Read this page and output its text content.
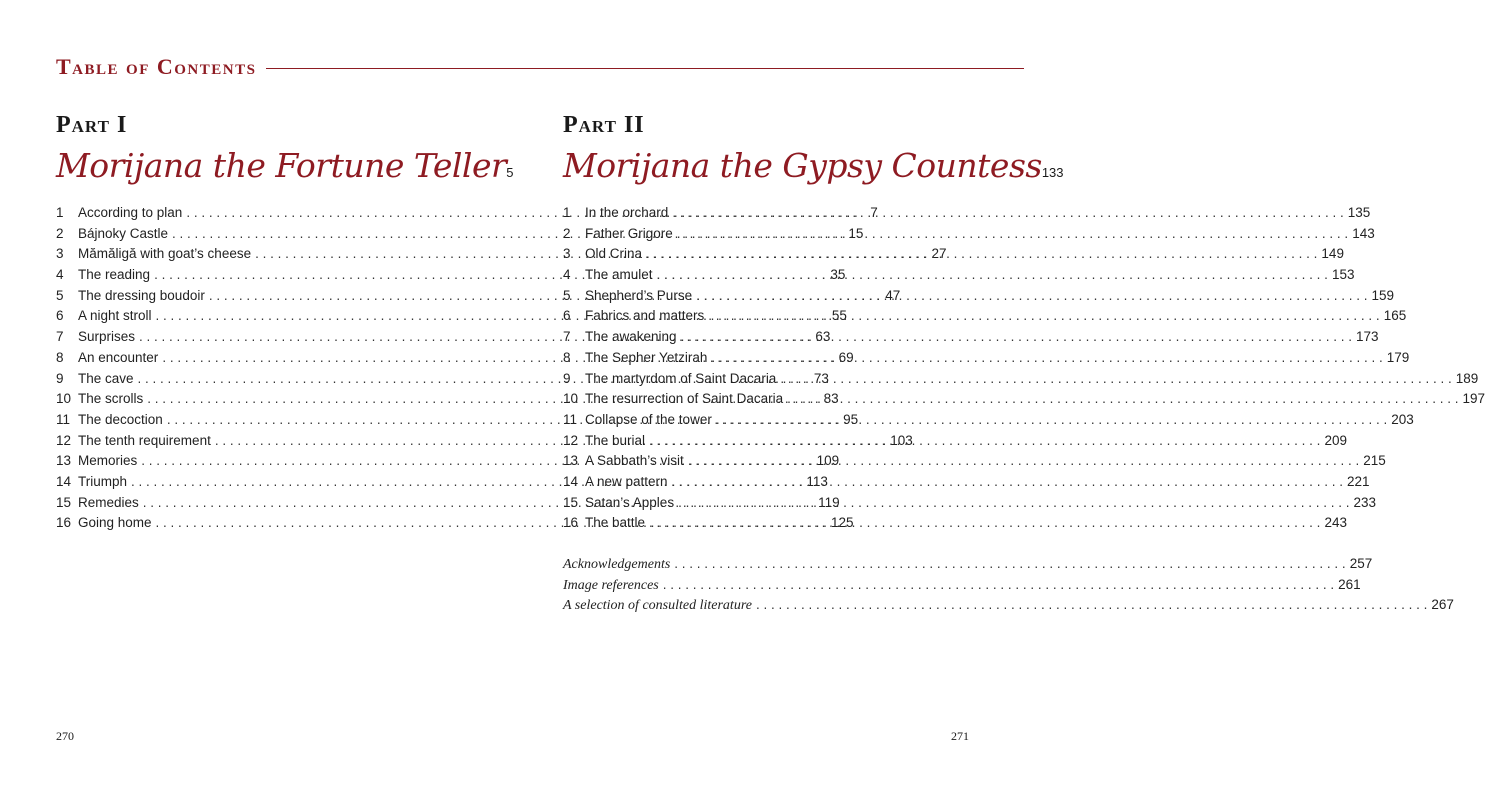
Table of Contents
Part I
Morijana the Fortune Teller 5
1	According to plan . . .	7
2	Bájnoky Castle . . .	15
3	Mămăligă with goat’s cheese . . .	27
4	The reading . . .	35
5	The dressing boudoir . . .	47
6	A night stroll . . .	55
7	Surprises . . .	63
8	An encounter . . .	69
9	The cave . . .	73
10 The scrolls . . .	83
11 The decoction . . .	95
12 The tenth requirement . . .	103
13 Memories . . .	109
14 Triumph . . .	113
15 Remedies . . .	119
16 Going home . . .	125
Part II
Morijana the Gypsy Countess 133
1	In the orchard . . .	135
2	Father Grigore . . .	143
3	Old Crina . . .	149
4	The amulet . . .	153
5	Shepherd’s Purse . . .	159
6	Fabrics and matters . . .	165
7	The awakening . . .	173
8	The Sepher Yetzirah . . .	179
9	The martyrdom of Saint Dacaria . . .	189
10 The resurrection of Saint Dacaria . . .	197
11 Collapse of the tower . . .	203
12 The burial . . .	209
13 A Sabbath’s visit . . .	215
14 A new pattern . . .	221
15 Satan’s Apples . . .	233
16 The battle . . .	243
Acknowledgements . . .	257
Image references . . .	261
A selection of consulted literature . . .	267
270	271
